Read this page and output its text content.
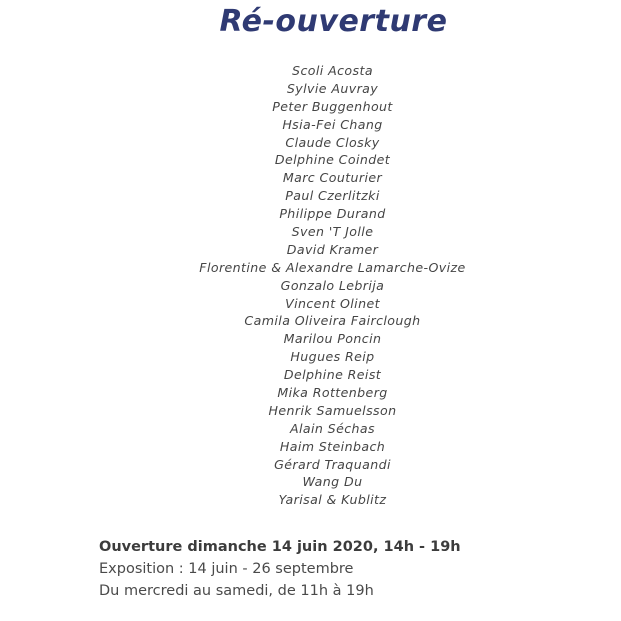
Ré-ouverture
Scoli Acosta
Sylvie Auvray
Peter Buggenhout
Hsia-Fei Chang
Claude Closky
Delphine Coindet
Marc Couturier
Paul Czerlitzki
Philippe Durand
Sven 'T Jolle
David Kramer
Florentine & Alexandre Lamarche-Ovize
Gonzalo Lebrija
Vincent Olinet
Camila Oliveira Fairclough
Marilou Poncin
Hugues Reip
Delphine Reist
Mika Rottenberg
Henrik Samuelsson
Alain Séchas
Haim Steinbach
Gérard Traquandi
Wang Du
Yarisal & Kublitz
Ouverture dimanche 14 juin 2020, 14h - 19h
Exposition : 14 juin - 26 septembre
Du mercredi au samedi, de 11h à 19h
